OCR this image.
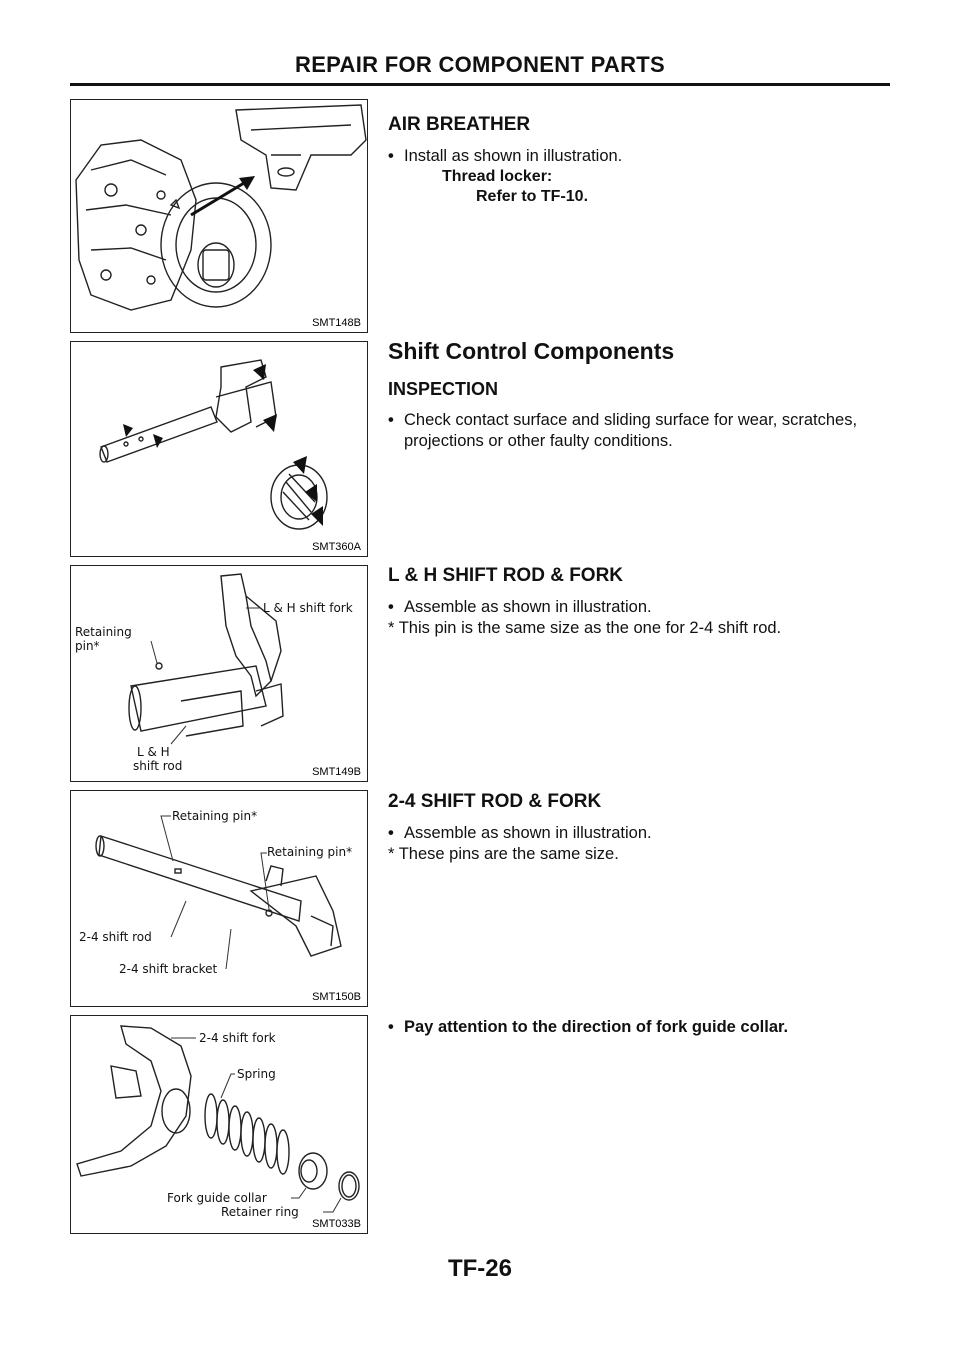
REPAIR FOR COMPONENT PARTS
SMT148B
AIR BREATHER

• Install as shown in illustration.

Thread locker:
Refer to TF-10.
SMT360A
Shift Control Components
INSPECTION

• Check contact surface and sliding surface for wear, scratches, projections or other faulty conditions.

L & H shift fork
Retaining
pin*
L & H
shift rod	SMT149B
L & H SHIFT ROD & FORK

• Assemble as shown in illustration.

* This pin is the same size as the one for 2-4 shift rod.

Retaining pin*
Retaining pin*
2-4 shift rod
2-4 shift bracket
SMT150B
2-4 SHIFT ROD & FORK

• Assemble as shown in illustration.

* These pins are the same size.

2-4 shift fork
Spring
Fork guide collar
Retainer ring
SMT033B

• Pay attention to the direction of fork guide collar.

TF-26
